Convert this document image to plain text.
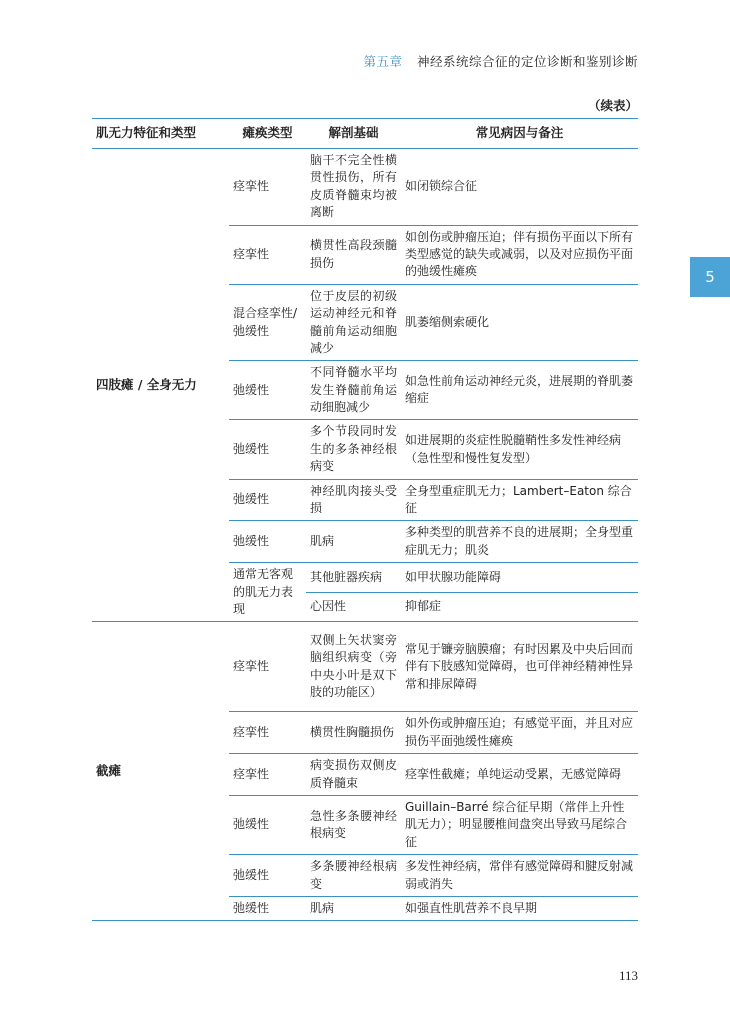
第五章 神经系统综合征的定位诊断和鉴别诊断
（续表）
5
肌无力特征和类型	瘫痪类型	解剖基础	常见病因与备注
四肢瘫 / 全身无力	痉挛性	脑干不完全性横贯性损伤，所有皮质脊髓束均被离断	如闭锁综合征
	痉挛性	横贯性高段颈髓损伤	如创伤或肿瘤压迫；伴有损伤平面以下所有类型感觉的缺失或减弱，以及对应损伤平面的弛缓性瘫痪
	混合痉挛性/弛缓性	位于皮层的初级运动神经元和脊髓前角运动细胞减少	肌萎缩侧索硬化
	弛缓性	不同脊髓水平均发生脊髓前角运动细胞减少	如急性前角运动神经元炎，进展期的脊肌萎缩症
	弛缓性	多个节段同时发生的多条神经根病变	如进展期的炎症性脱髓鞘性多发性神经病（急性型和慢性复发型）
	弛缓性	神经肌肉接头受损	全身型重症肌无力；Lambert–Eaton 综合征
	弛缓性	肌病	多种类型的肌营养不良的进展期；全身型重症肌无力；肌炎
	通常无客观的肌无力表现	其他脏器疾病	如甲状腺功能障碍
		心因性	抑郁症
截瘫	痉挛性	双侧上矢状窦旁脑组织病变（旁中央小叶是双下肢的功能区）	常见于镰旁脑膜瘤；有时因累及中央后回而伴有下肢感知觉障碍，也可伴神经精神性异常和排尿障碍
	痉挛性	横贯性胸髓损伤	如外伤或肿瘤压迫；有感觉平面，并且对应损伤平面弛缓性瘫痪
	痉挛性	病变损伤双侧皮质脊髓束	痉挛性截瘫；单纯运动受累，无感觉障碍
	弛缓性	急性多条腰神经根病变	Guillain–Barré 综合征早期（常伴上升性肌无力）；明显腰椎间盘突出导致马尾综合征
	弛缓性	多条腰神经根病变	多发性神经病，常伴有感觉障碍和腱反射减弱或消失
	弛缓性	肌病	如强直性肌营养不良早期
113
